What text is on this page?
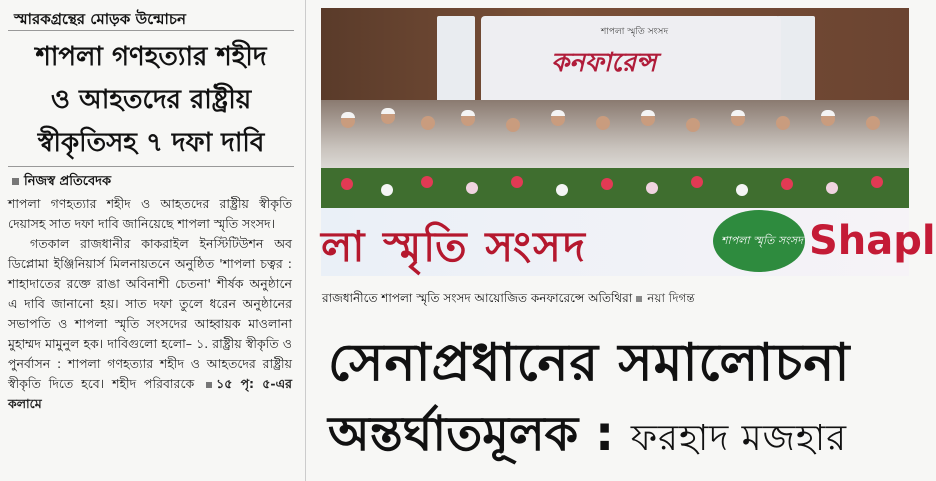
স্মারকগ্রন্থের মোড়ক উন্মোচন
শাপলা গণহত্যার শহীদ
ও আহতদের রাষ্ট্রীয়
স্বীকৃতিসহ ৭ দফা দাবি
নিজস্ব প্রতিবেদক

শাপলা গণহত্যার শহীদ ও আহতদের রাষ্ট্রীয় স্বীকৃতি দেয়াসহ সাত দফা দাবি জানিয়েছে শাপলা স্মৃতি সংসদ।

গতকাল রাজধানীর কাকরাইল ইনস্টিটিউশন অব ডিপ্লোমা ইঞ্জিনিয়ার্স মিলনায়তনে অনুষ্ঠিত 'শাপলা চত্বর : শাহাদাতের রক্তে রাঙা অবিনাশী চেতনা' শীর্ষক অনুষ্ঠানে এ দাবি জানানো হয়। সাত দফা তুলে ধরেন অনুষ্ঠানের সভাপতি ও শাপলা স্মৃতি সংসদের আহ্বায়ক মাওলানা মুহাম্মদ মামুনুল হক। দাবিগুলো হলো– ১. রাষ্ট্রীয় স্বীকৃতি ও পুনর্বাসন : শাপলা গণহত্যার শহীদ ও আহতদের রাষ্ট্রীয় স্বীকৃতি দিতে হবে। শহীদ পরিবারকে ১৫ পৃ: ৫-এর কলামে

শাপলা স্মৃতি সংসদ
কনফারেন্স
লা স্মৃতি সংসদ	শাপলা স্মৃতি সংসদ Shapl
রাজধানীতে শাপলা স্মৃতি সংসদ আয়োজিত কনফারেন্সে অতিথিরা নয়া দিগন্ত
সেনাপ্রধানের সমালোচনা
অন্তর্ঘাতমূলক : ফরহাদ মজহার
